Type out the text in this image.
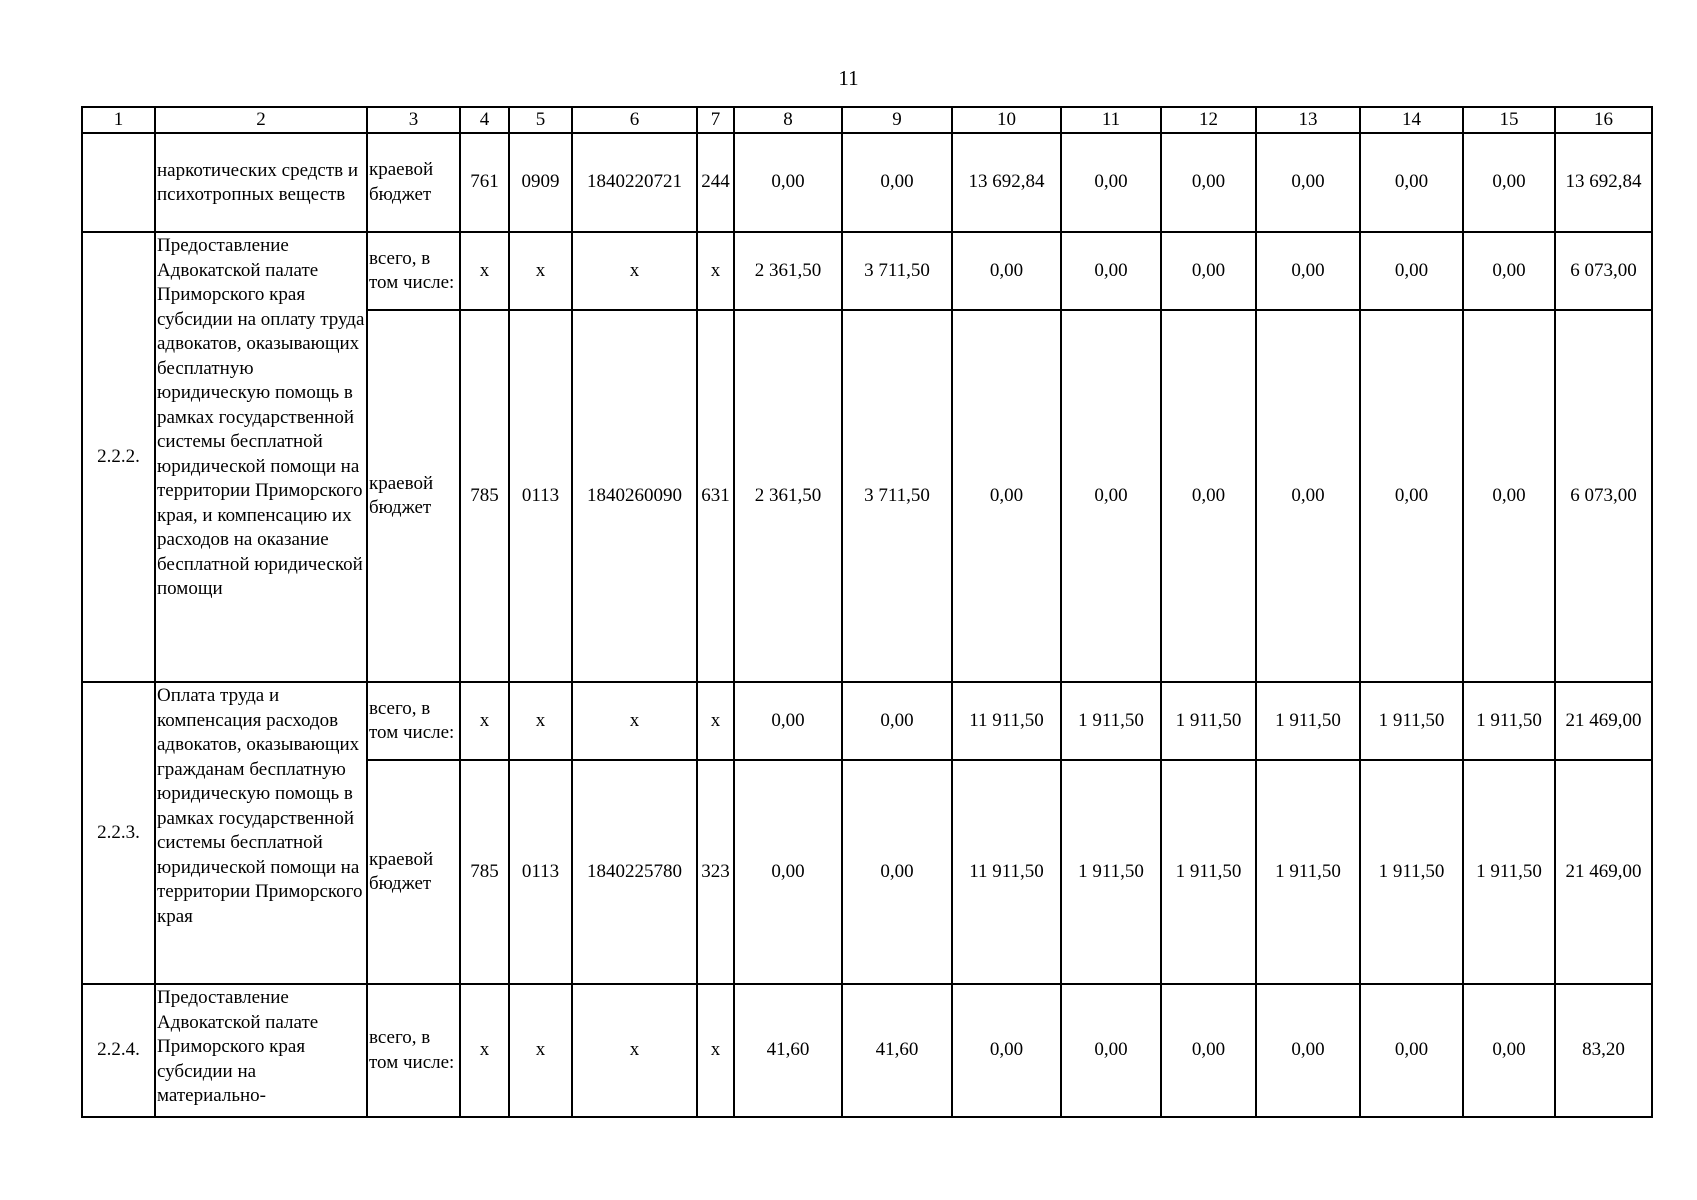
11
1	2	3	4	5	6	7	8	9	10	11	12	13	14	15	16
	наркотических средств и психотропных веществ	краевой бюджет	761	0909	1840220721	244	0,00	0,00	13 692,84	0,00	0,00	0,00	0,00	0,00	13 692,84
2.2.2.	Предоставление Адвокатской палате Приморского края субсидии на оплату труда адвокатов, оказывающих бесплатную юридическую помощь в рамках государственной системы бесплатной юридической помощи на территории Приморского края, и компенсацию их расходов на оказание бесплатной юридической помощи	всего, в том числе:	x	x	x	x	2 361,50	3 711,50	0,00	0,00	0,00	0,00	0,00	0,00	6 073,00
		краевой бюджет	785	0113	1840260090	631	2 361,50	3 711,50	0,00	0,00	0,00	0,00	0,00	0,00	6 073,00
2.2.3.	Оплата труда и компенсация расходов адвокатов, оказывающих гражданам бесплатную юридическую помощь в рамках государственной системы бесплатной юридической помощи на территории Приморского края	всего, в том числе:	x	x	x	x	0,00	0,00	11 911,50	1 911,50	1 911,50	1 911,50	1 911,50	1 911,50	21 469,00
		краевой бюджет	785	0113	1840225780	323	0,00	0,00	11 911,50	1 911,50	1 911,50	1 911,50	1 911,50	1 911,50	21 469,00
2.2.4.	Предоставление Адвокатской палате Приморского края субсидии на материально-	всего, в том числе:	x	x	x	x	41,60	41,60	0,00	0,00	0,00	0,00	0,00	0,00	83,20
